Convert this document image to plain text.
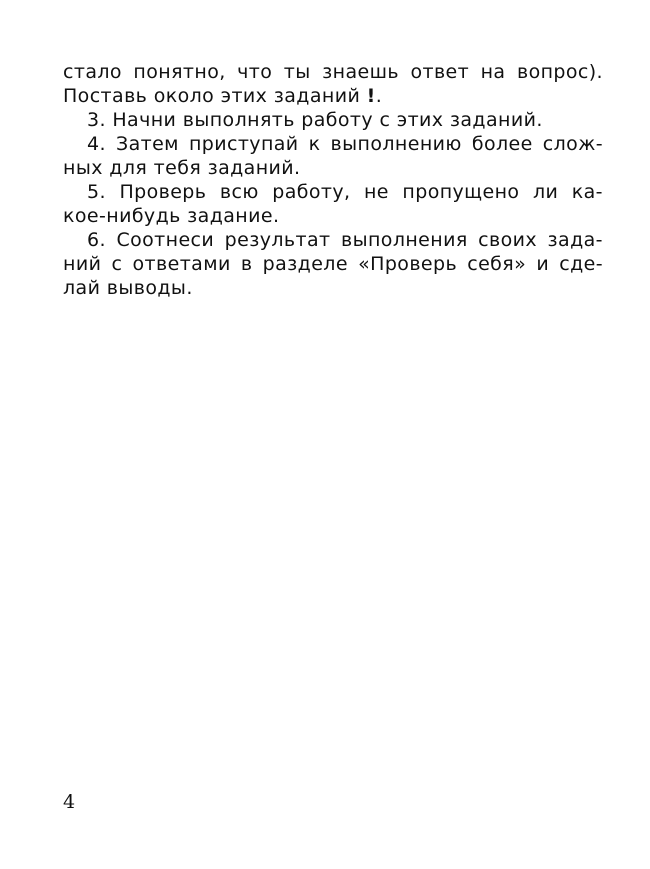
стало понятно, что ты знаешь ответ на вопрос).
Поставь около этих заданий !.
3. Начни выполнять работу с этих заданий.
4. Затем приступай к выполнению более слож-
ных для тебя заданий.
5. Проверь всю работу, не пропущено ли ка-
кое-нибудь задание.
6. Соотнеси результат выполнения своих зада-
ний с ответами в разделе «Проверь себя» и сде-
лай выводы.
4
